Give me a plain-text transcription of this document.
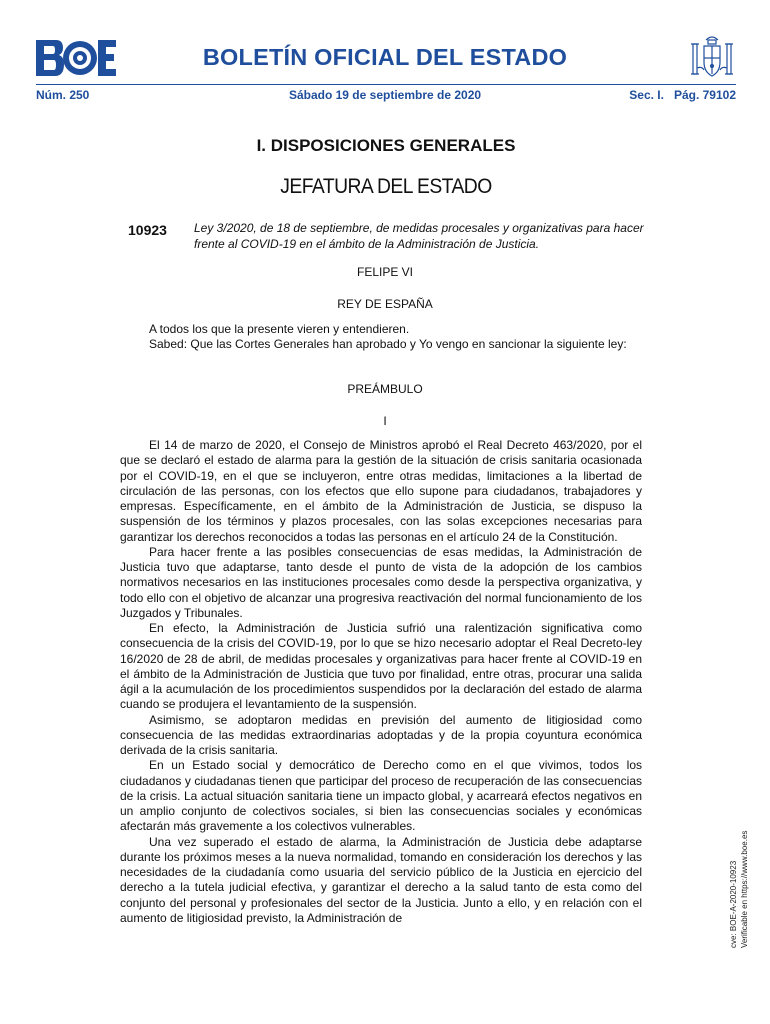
BOLETÍN OFICIAL DEL ESTADO
Núm. 250	Sábado 19 de septiembre de 2020	Sec. I.   Pág. 79102
I. DISPOSICIONES GENERALES
JEFATURA DEL ESTADO
10923 Ley 3/2020, de 18 de septiembre, de medidas procesales y organizativas para hacer frente al COVID-19 en el ámbito de la Administración de Justicia.
FELIPE VI
REY DE ESPAÑA

A todos los que la presente vieren y entendieren.

Sabed: Que las Cortes Generales han aprobado y Yo vengo en sancionar la siguiente ley:

PREÁMBULO
I

El 14 de marzo de 2020, el Consejo de Ministros aprobó el Real Decreto 463/2020, por el que se declaró el estado de alarma para la gestión de la situación de crisis sanitaria ocasionada por el COVID-19, en el que se incluyeron, entre otras medidas, limitaciones a la libertad de circulación de las personas, con los efectos que ello supone para ciudadanos, trabajadores y empresas. Específicamente, en el ámbito de la Administración de Justicia, se dispuso la suspensión de los términos y plazos procesales, con las solas excepciones necesarias para garantizar los derechos reconocidos a todas las personas en el artículo 24 de la Constitución.

Para hacer frente a las posibles consecuencias de esas medidas, la Administración de Justicia tuvo que adaptarse, tanto desde el punto de vista de la adopción de los cambios normativos necesarios en las instituciones procesales como desde la perspectiva organizativa, y todo ello con el objetivo de alcanzar una progresiva reactivación del normal funcionamiento de los Juzgados y Tribunales.

En efecto, la Administración de Justicia sufrió una ralentización significativa como consecuencia de la crisis del COVID-19, por lo que se hizo necesario adoptar el Real Decreto-ley 16/2020 de 28 de abril, de medidas procesales y organizativas para hacer frente al COVID-19 en el ámbito de la Administración de Justicia que tuvo por finalidad, entre otras, procurar una salida ágil a la acumulación de los procedimientos suspendidos por la declaración del estado de alarma cuando se produjera el levantamiento de la suspensión.

Asimismo, se adoptaron medidas en previsión del aumento de litigiosidad como consecuencia de las medidas extraordinarias adoptadas y de la propia coyuntura económica derivada de la crisis sanitaria.

En un Estado social y democrático de Derecho como en el que vivimos, todos los ciudadanos y ciudadanas tienen que participar del proceso de recuperación de las consecuencias de la crisis. La actual situación sanitaria tiene un impacto global, y acarreará efectos negativos en un amplio conjunto de colectivos sociales, si bien las consecuencias sociales y económicas afectarán más gravemente a los colectivos vulnerables.

Una vez superado el estado de alarma, la Administración de Justicia debe adaptarse durante los próximos meses a la nueva normalidad, tomando en consideración los derechos y las necesidades de la ciudadanía como usuaria del servicio público de la Justicia en ejercicio del derecho a la tutela judicial efectiva, y garantizar el derecho a la salud tanto de esta como del conjunto del personal y profesionales del sector de la Justicia. Junto a ello, y en relación con el aumento de litigiosidad previsto, la Administración de	cve: BOE-A-2020-10923 Verificable en https://www.boe.es
